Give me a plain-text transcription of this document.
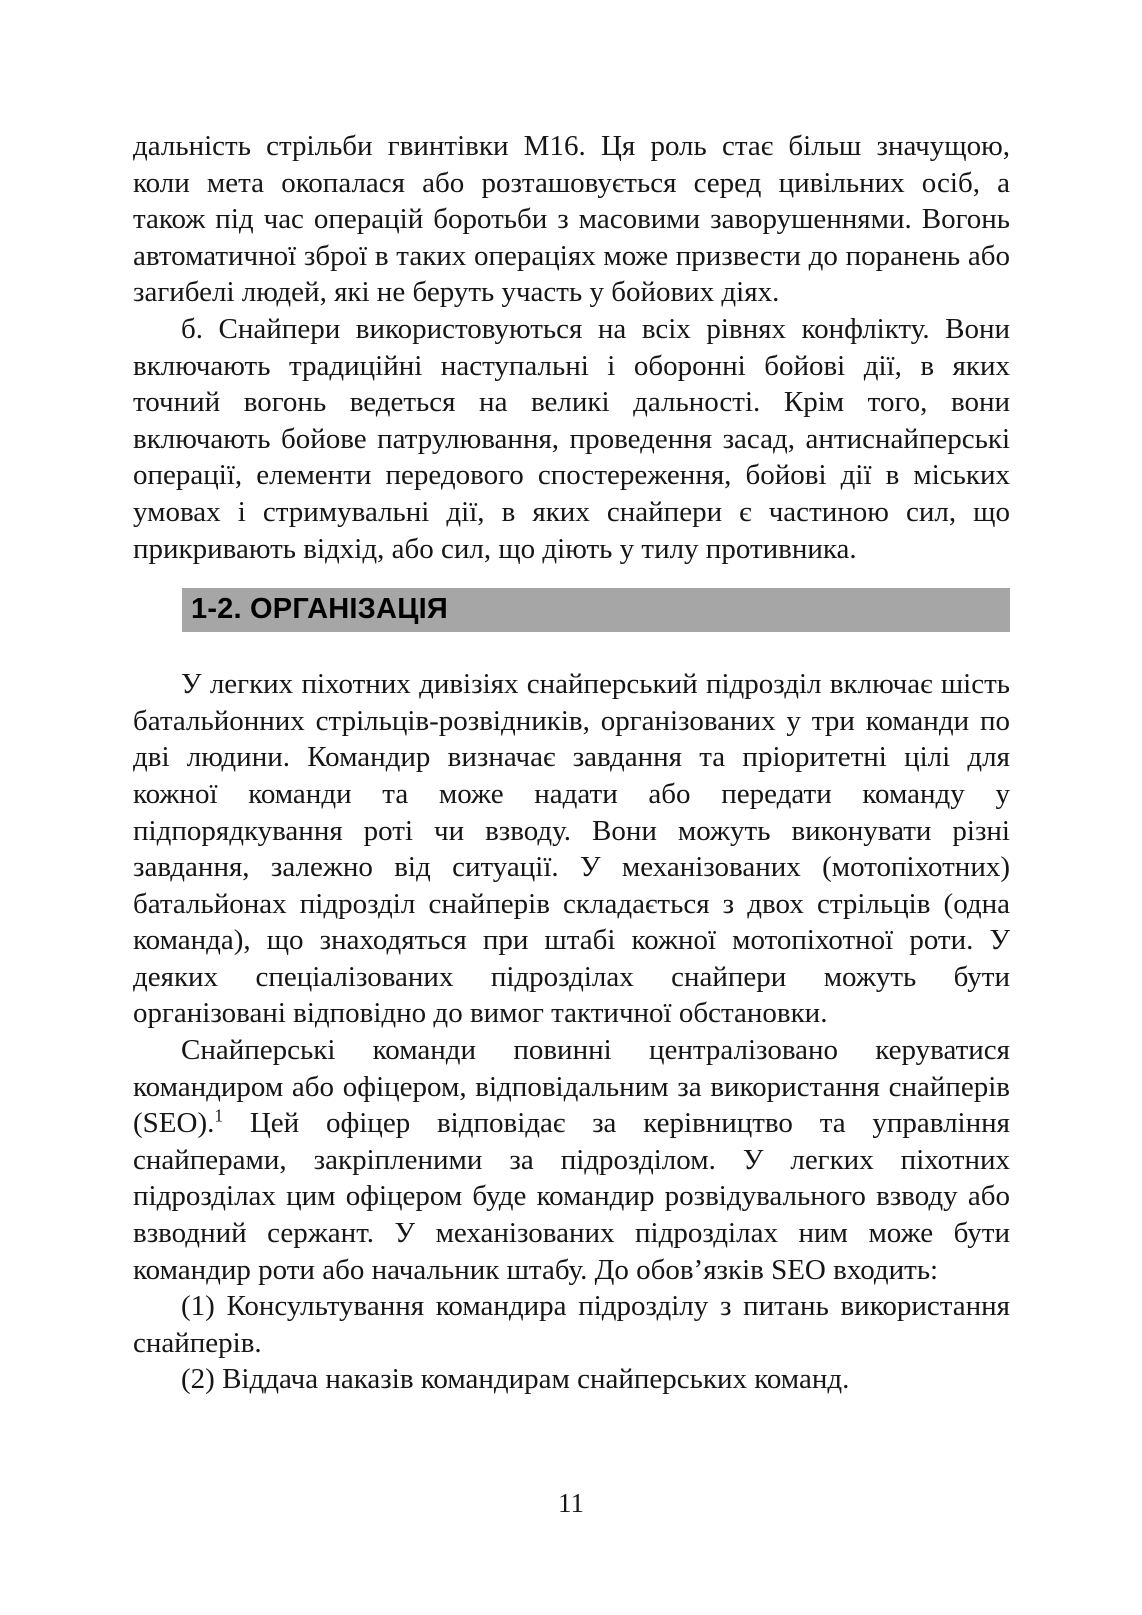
дальність стрільби гвинтівки М16. Ця роль стає більш значущою, коли мета окопалася або розташовується серед цивільних осіб, а також під час операцій боротьби з масовими заворушеннями. Вогонь автоматичної зброї в таких операціях може призвести до поранень або загибелі людей, які не беруть участь у бойових діях.

б. Снайпери використовуються на всіх рівнях конфлікту. Вони включають традиційні наступальні і оборонні бойові дії, в яких точний вогонь ведеться на великі дальності. Крім того, вони включають бойове патрулювання, проведення засад, антиснайперські операції, елементи передового спостереження, бойові дії в міських умовах і стримувальні дії, в яких снайпери є частиною сил, що прикривають відхід, або сил, що діють у тилу противника.

1-2. ОРГАНІЗАЦІЯ

У легких піхотних дивізіях снайперський підрозділ включає шість батальйонних стрільців-розвідників, організованих у три команди по дві людини. Командир визначає завдання та пріоритетні цілі для кожної команди та може надати або передати команду у підпорядкування роті чи взводу. Вони можуть виконувати різні завдання, залежно від ситуації. У механізованих (мотопіхотних) батальйонах підрозділ снайперів складається з двох стрільців (одна команда), що знаходяться при штабі кожної мотопіхотної роти. У деяких спеціалізованих підрозділах снайпери можуть бути організовані відповідно до вимог тактичної обстановки.

Снайперські команди повинні централізовано керуватися командиром або офіцером, відповідальним за використання снайперів (SEO).$^1$ Цей офіцер відповідає за керівництво та управління снайперами, закріпленими за підрозділом. У легких піхотних підрозділах цим офіцером буде командир розвідувального взводу або взводний сержант. У механізованих підрозділах ним може бути командир роти або начальник штабу. До обов’язків SEO входить:

(1) Консультування командира підрозділу з питань використання снайперів.

(2) Віддача наказів командирам снайперських команд.

11
